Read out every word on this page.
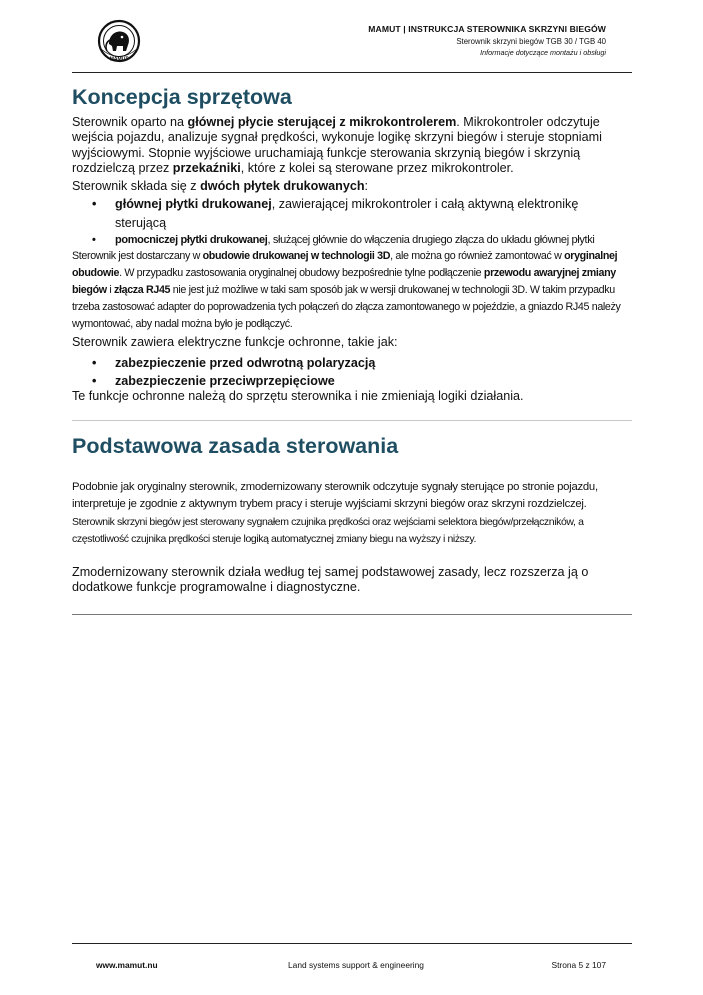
MAMUT
MAMUT | INSTRUKCJA STEROWNIKA SKRZYNI BIEGÓW
Sterownik skrzyni biegów TGB 30 / TGB 40
Informacje dotyczące montażu i obsługi
Koncepcja sprzętowa

Sterownik oparto na głównej płycie sterującej z mikrokontrolerem. Mikrokontroler odczytuje wejścia pojazdu, analizuje sygnał prędkości, wykonuje logikę skrzyni biegów i steruje stopniami wyjściowymi. Stopnie wyjściowe uruchamiają funkcje sterowania skrzynią biegów i skrzynią rozdzielczą przez przekaźniki, które z kolei są sterowane przez mikrokontroler.

Sterownik składa się z dwóch płytek drukowanych:

• głównej płytki drukowanej, zawierającej mikrokontroler i całą aktywną elektronikę sterującą
• pomocniczej płytki drukowanej, służącej głównie do włączenia drugiego złącza do układu głównej płytki

Sterownik jest dostarczany w obudowie drukowanej w technologii 3D, ale można go również zamontować w oryginalnej obudowie. W przypadku zastosowania oryginalnej obudowy bezpośrednie tylne podłączenie przewodu awaryjnej zmiany biegów i złącza RJ45 nie jest już możliwe w taki sam sposób jak w wersji drukowanej w technologii 3D. W takim przypadku trzeba zastosować adapter do poprowadzenia tych połączeń do złącza zamontowanego w pojeździe, a gniazdo RJ45 należy wymontować, aby nadal można było je podłączyć.

Sterownik zawiera elektryczne funkcje ochronne, takie jak:

• zabezpieczenie przed odwrotną polaryzacją
• zabezpieczenie przeciwprzepięciowe

Te funkcje ochronne należą do sprzętu sterownika i nie zmieniają logiki działania.

Podstawowa zasada sterowania

Podobnie jak oryginalny sterownik, zmodernizowany sterownik odczytuje sygnały sterujące po stronie pojazdu, interpretuje je zgodnie z aktywnym trybem pracy i steruje wyjściami skrzyni biegów oraz skrzyni rozdzielczej.

Sterownik skrzyni biegów jest sterowany sygnałem czujnika prędkości oraz wejściami selektora biegów/przełączników, a częstotliwość czujnika prędkości steruje logiką automatycznej zmiany biegu na wyższy i niższy.

Zmodernizowany sterownik działa według tej samej podstawowej zasady, lecz rozszerza ją o dodatkowe funkcje programowalne i diagnostyczne.

www.mamut.nu	Land systems support & engineering	Strona 5 z 107
